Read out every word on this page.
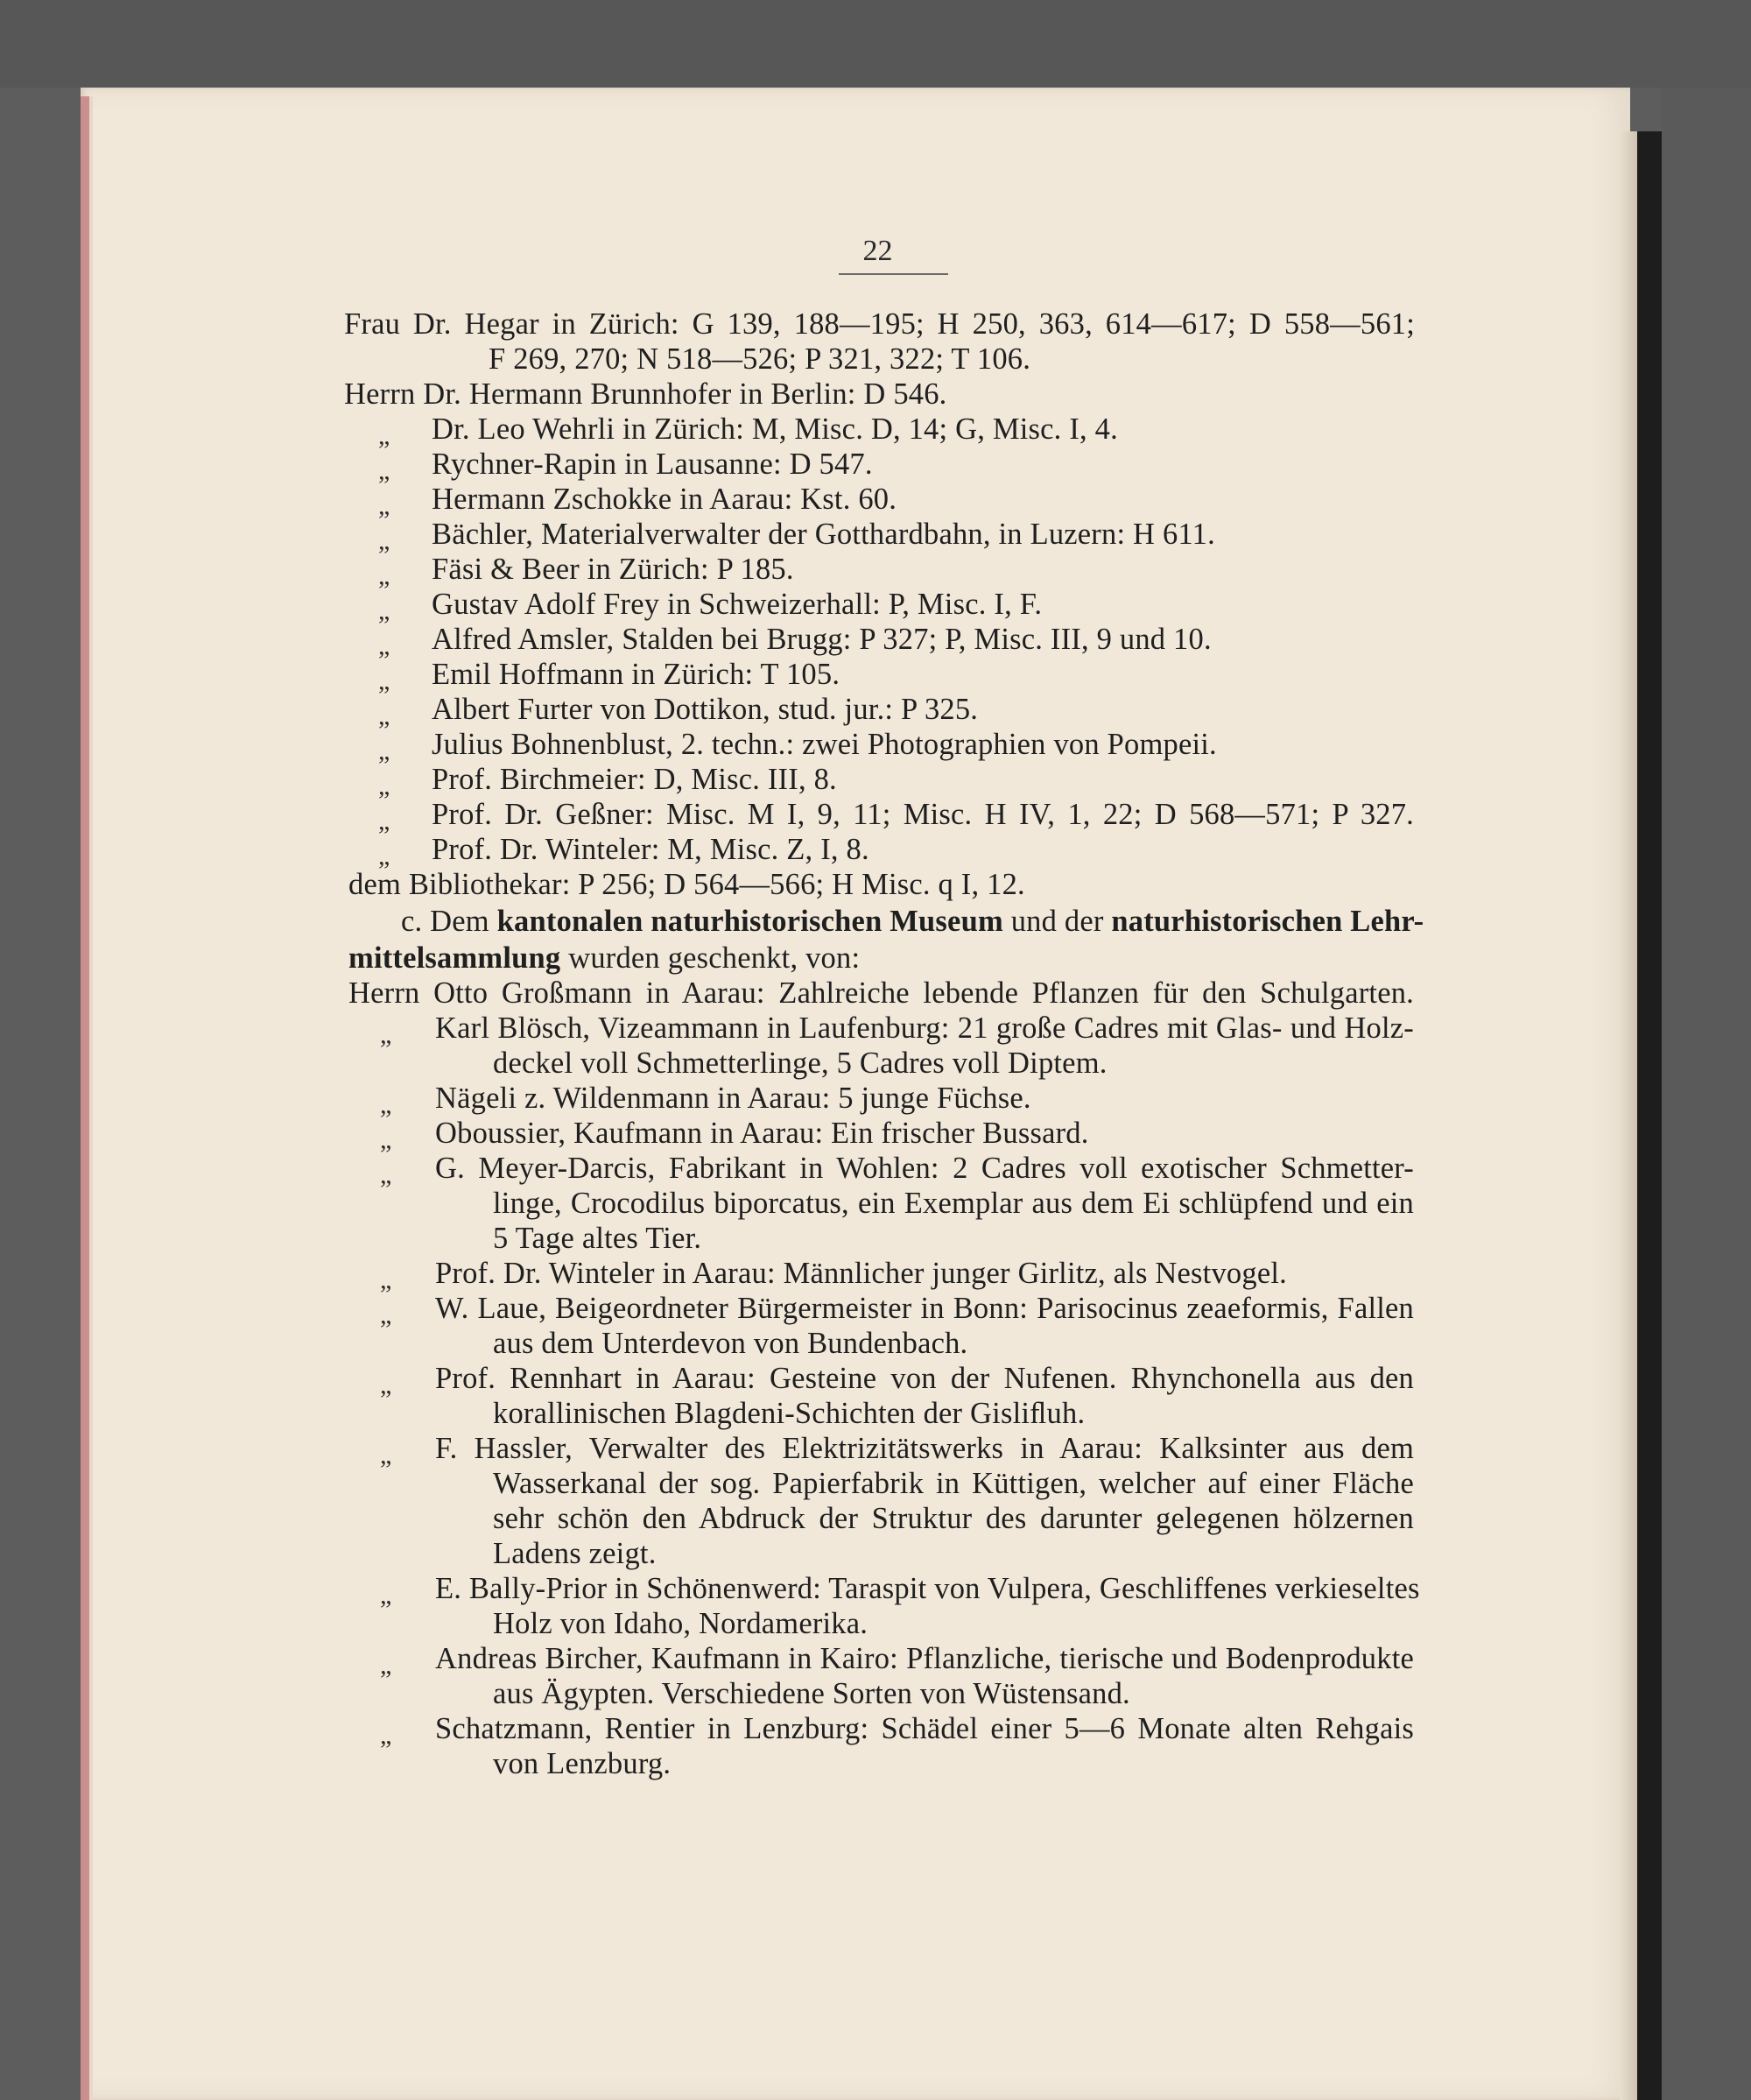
22
Frau Dr. Hegar in Zürich: G 139, 188—195; H 250, 363, 614—617; D 558—561;
F 269, 270; N 518—526; P 321, 322; T 106.
Herrn Dr. Hermann Brunnhofer in Berlin: D 546.
„ Dr. Leo Wehrli in Zürich: M, Misc. D, 14; G, Misc. I, 4.
„ Rychner-Rapin in Lausanne: D 547.
„ Hermann Zschokke in Aarau: Kst. 60.
„ Bächler, Materialverwalter der Gotthardbahn, in Luzern: H 611.
„ Fäsi & Beer in Zürich: P 185.
„ Gustav Adolf Frey in Schweizerhall: P, Misc. I, F.
„ Alfred Amsler, Stalden bei Brugg: P 327; P, Misc. III, 9 und 10.
„ Emil Hoffmann in Zürich: T 105.
„ Albert Furter von Dottikon, stud. jur.: P 325.
„ Julius Bohnenblust, 2. techn.: zwei Photographien von Pompeii.
„ Prof. Birchmeier: D, Misc. III, 8.
„ Prof. Dr. Geßner: Misc. M I, 9, 11; Misc. H IV, 1, 22; D 568—571; P 327.
„ Prof. Dr. Winteler: M, Misc. Z, I, 8.
dem Bibliothekar: P 256; D 564—566; H Misc. q I, 12.
c. Dem kantonalen naturhistorischen Museum und der naturhistorischen Lehr-
mittelsammlung wurden geschenkt, von:
Herrn Otto Großmann in Aarau: Zahlreiche lebende Pflanzen für den Schulgarten.
„ Karl Blösch, Vizeammann in Laufenburg: 21 große Cadres mit Glas- und Holz-
deckel voll Schmetterlinge, 5 Cadres voll Diptem.
„ Nägeli z. Wildenmann in Aarau: 5 junge Füchse.
„ Oboussier, Kaufmann in Aarau: Ein frischer Bussard.
„ G. Meyer-Darcis, Fabrikant in Wohlen: 2 Cadres voll exotischer Schmetter-
linge, Crocodilus biporcatus, ein Exemplar aus dem Ei schlüpfend und ein
5 Tage altes Tier.
„ Prof. Dr. Winteler in Aarau: Männlicher junger Girlitz, als Nestvogel.
„ W. Laue, Beigeordneter Bürgermeister in Bonn: Parisocinus zeaeformis, Fallen
aus dem Unterdevon von Bundenbach.
„ Prof. Rennhart in Aarau: Gesteine von der Nufenen. Rhynchonella aus den
korallinischen Blagdeni-Schichten der Gisliﬂuh.
„ F. Hassler, Verwalter des Elektrizitätswerks in Aarau: Kalksinter aus dem
Wasserkanal der sog. Papierfabrik in Küttigen, welcher auf einer Fläche
sehr schön den Abdruck der Struktur des darunter gelegenen hölzernen
Ladens zeigt.
„ E. Bally-Prior in Schönenwerd: Taraspit von Vulpera, Geschliffenes verkieseltes
Holz von Idaho, Nordamerika.
„ Andreas Bircher, Kaufmann in Kairo: Pflanzliche, tierische und Bodenprodukte
aus Ägypten. Verschiedene Sorten von Wüstensand.
„ Schatzmann, Rentier in Lenzburg: Schädel einer 5—6 Monate alten Rehgais
von Lenzburg.
